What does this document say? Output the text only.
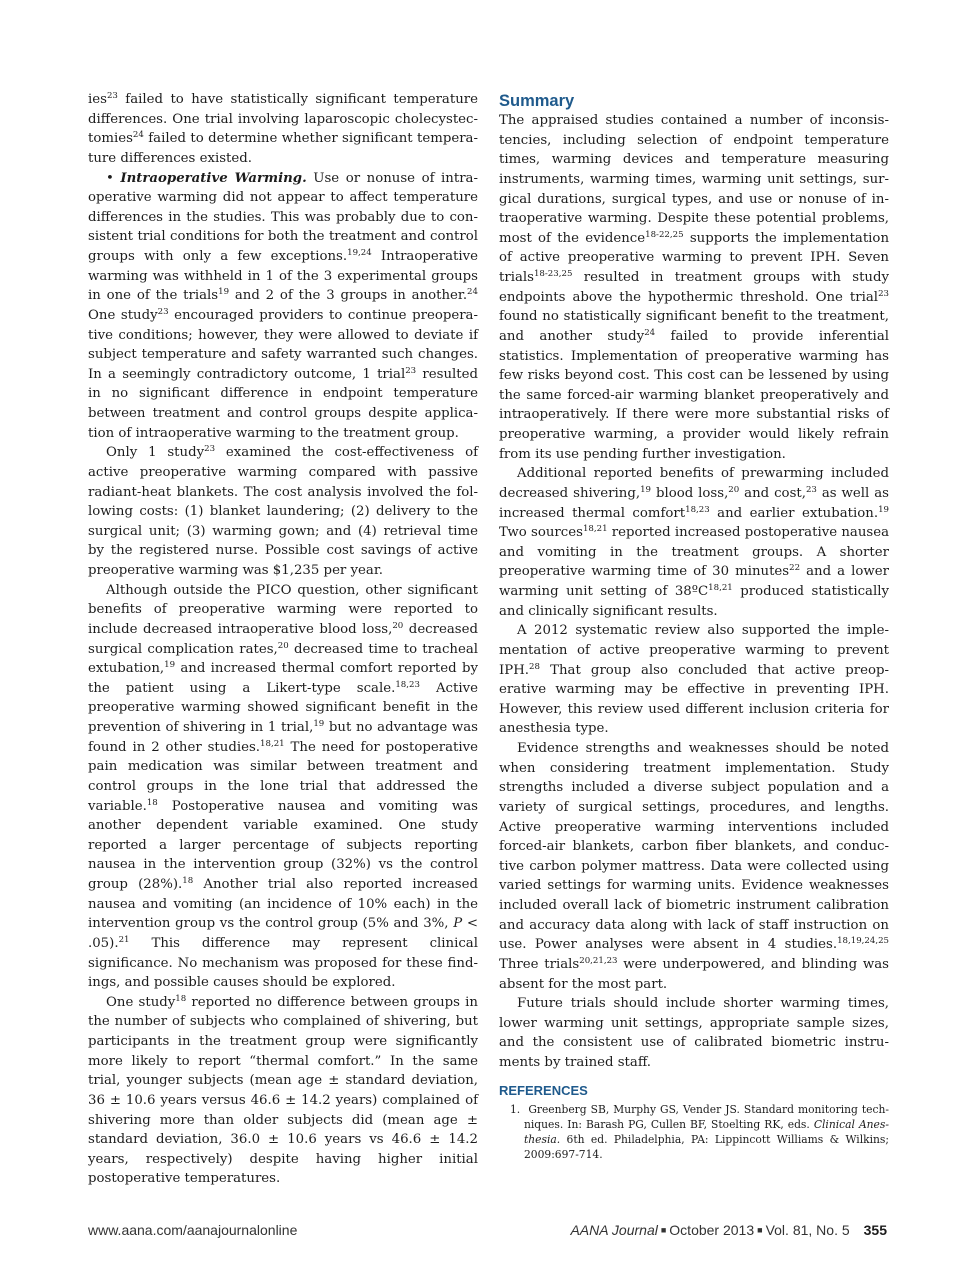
ies$^{23}$ failed to have statistically significant temperature differences. One trial involving laparoscopic cholecystectomies$^{24}$ failed to determine whether significant temperature differences existed.

• Intraoperative Warming. Use or nonuse of intraoperative warming did not appear to affect temperature differences in the studies. This was probably due to consistent trial conditions for both the treatment and control groups with only a few exceptions.$^{19,24}$ Intraoperative warming was withheld in 1 of the 3 experimental groups in one of the trials$^{19}$ and 2 of the 3 groups in another.$^{24}$ One study$^{23}$ encouraged providers to continue preoperative conditions; however, they were allowed to deviate if subject temperature and safety warranted such changes. In a seemingly contradictory outcome, 1 trial$^{23}$ resulted in no significant difference in endpoint temperature between treatment and control groups despite application of intraoperative warming to the treatment group.

Only 1 study$^{23}$ examined the cost-effectiveness of active preoperative warming compared with passive radiant-heat blankets. The cost analysis involved the following costs: (1) blanket laundering; (2) delivery to the surgical unit; (3) warming gown; and (4) retrieval time by the registered nurse. Possible cost savings of active preoperative warming was $1,235 per year.

Although outside the PICO question, other significant benefits of preoperative warming were reported to include decreased intraoperative blood loss,$^{20}$ decreased surgical complication rates,$^{20}$ decreased time to tracheal extubation,$^{19}$ and increased thermal comfort reported by the patient using a Likert-type scale.$^{18,23}$ Active preoperative warming showed significant benefit in the prevention of shivering in 1 trial,$^{19}$ but no advantage was found in 2 other studies.$^{18,21}$ The need for postoperative pain medication was similar between treatment and control groups in the lone trial that addressed the variable.$^{18}$ Postoperative nausea and vomiting was another dependent variable examined. One study reported a larger percentage of subjects reporting nausea in the intervention group (32%) vs the control group (28%).$^{18}$ Another trial also reported increased nausea and vomiting (an incidence of 10% each) in the intervention group vs the control group (5% and 3%, P < .05).$^{21}$ This difference may represent clinical significance. No mechanism was proposed for these findings, and possible causes should be explored.

One study$^{18}$ reported no difference between groups in the number of subjects who complained of shivering, but participants in the treatment group were significantly more likely to report “thermal comfort.” In the same trial, younger subjects (mean age ± standard deviation, 36 ± 10.6 years versus 46.6 ± 14.2 years) complained of shivering more than older subjects did (mean age ± standard deviation, 36.0 ± 10.6 years vs 46.6 ± 14.2 years, respectively) despite having higher initial postoperative temperatures.

Summary

The appraised studies contained a number of inconsistencies, including selection of endpoint temperature times, warming devices and temperature measuring instruments, warming times, warming unit settings, surgical durations, surgical types, and use or nonuse of intraoperative warming. Despite these potential problems, most of the evidence$^{18-22,25}$ supports the implementation of active preoperative warming to prevent IPH. Seven trials$^{18-23,25}$ resulted in treatment groups with study endpoints above the hypothermic threshold. One trial$^{23}$ found no statistically significant benefit to the treatment, and another study$^{24}$ failed to provide inferential statistics. Implementation of preoperative warming has few risks beyond cost. This cost can be lessened by using the same forced-air warming blanket preoperatively and intraoperatively. If there were more substantial risks of preoperative warming, a provider would likely refrain from its use pending further investigation.

Additional reported benefits of prewarming included decreased shivering,$^{19}$ blood loss,$^{20}$ and cost,$^{23}$ as well as increased thermal comfort$^{18,23}$ and earlier extubation.$^{19}$ Two sources$^{18,21}$ reported increased postoperative nausea and vomiting in the treatment groups. A shorter preoperative warming time of 30 minutes$^{22}$ and a lower warming unit setting of 38ºC$^{18,21}$ produced statistically and clinically significant results.

A 2012 systematic review also supported the implementation of active preoperative warming to prevent IPH.$^{28}$ That group also concluded that active preoperative warming may be effective in preventing IPH. However, this review used different inclusion criteria for anesthesia type.

Evidence strengths and weaknesses should be noted when considering treatment implementation. Study strengths included a diverse subject population and a variety of surgical settings, procedures, and lengths. Active preoperative warming interventions included forced-air blankets, carbon fiber blankets, and conductive carbon polymer mattress. Data were collected using varied settings for warming units. Evidence weaknesses included overall lack of biometric instrument calibration and accuracy data along with lack of staff instruction on use. Power analyses were absent in 4 studies.$^{18,19,24,25}$ Three trials$^{20,21,23}$ were underpowered, and blinding was absent for the most part.

Future trials should include shorter warming times, lower warming unit settings, appropriate sample sizes, and the consistent use of calibrated biometric instruments by trained staff.

REFERENCES

1. Greenberg SB, Murphy GS, Vender JS. Standard monitoring techniques. In: Barash PG, Cullen BF, Stoelting RK, eds. Clinical Anesthesia. 6th ed. Philadelphia, PA: Lippincott Williams & Wilkins; 2009:697-714.

www.aana.com/aanajournalonline	AANA Journal ■ October 2013 ■ Vol. 81, No. 5 355
